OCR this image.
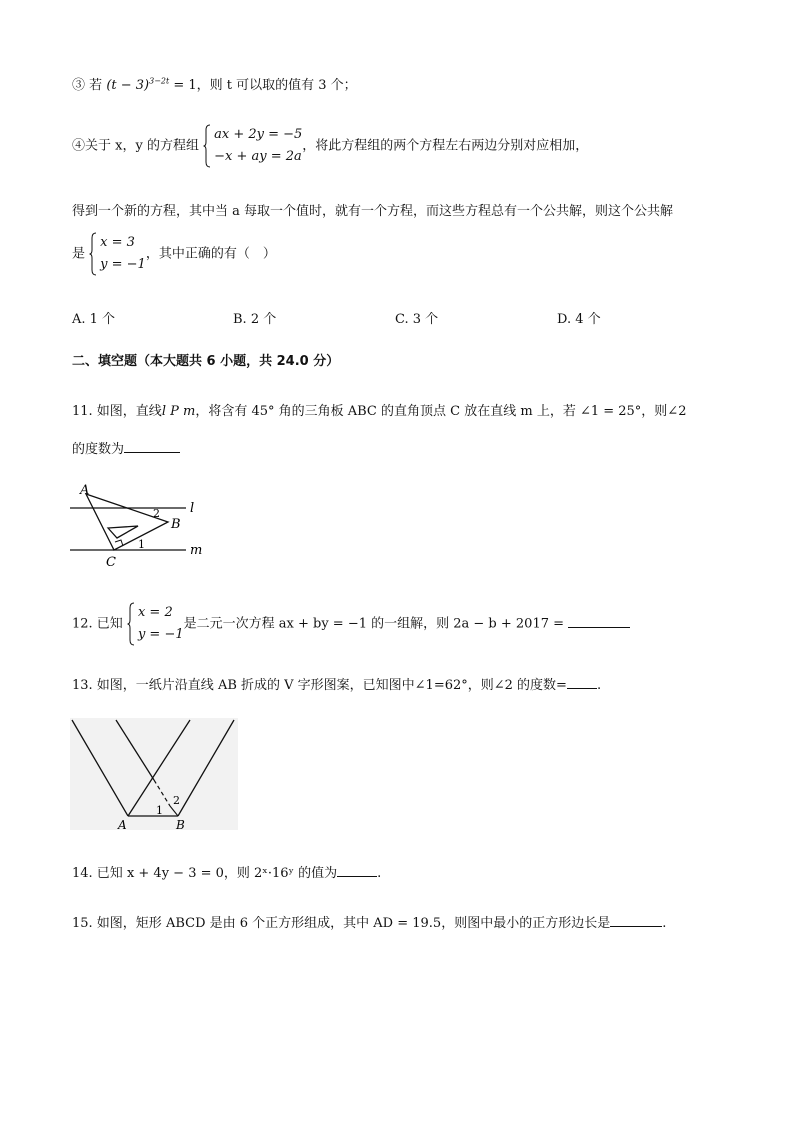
③ 若 $(t - 3)^{3-2t} = 1$，则 t 可以取的值有 3 个；
④关于 x，y 的方程组
ax + 2y = −5
−x + ay = 2a
，将此方程组的两个方程左右两边分别对应相加，
得到一个新的方程，其中当 a 每取一个值时，就有一个方程，而这些方程总有一个公共解，则这个公共解
是
x = 3
y = −1
，其中正确的有（　）
A. 1 个	B. 2 个	C. 3 个	D. 4 个
二、填空题（本大题共 6 小题，共 24.0 分）
11. 如图，直线l P m，将含有 45° 角的三角板 ABC 的直角顶点 C 放在直线 m 上，若 ∠1 = 25°，则∠2
的度数为
A
B
C
1
2 l
m
12. 已知
x = 2
y = −1
是二元一次方程 ax + by = −1 的一组解，则 2a − b + 2017 =
13. 如图，一纸片沿直线 AB 折成的 V 字形图案，已知图中∠1=62°，则∠2 的度数= .
A	B
1
2
14. 已知 x + 4y − 3 = 0，则 2ˣ·16ʸ 的值为	.
15. 如图，矩形 ABCD 是由 6 个正方形组成，其中 AD = 19.5，则图中最小的正方形边长是	.
